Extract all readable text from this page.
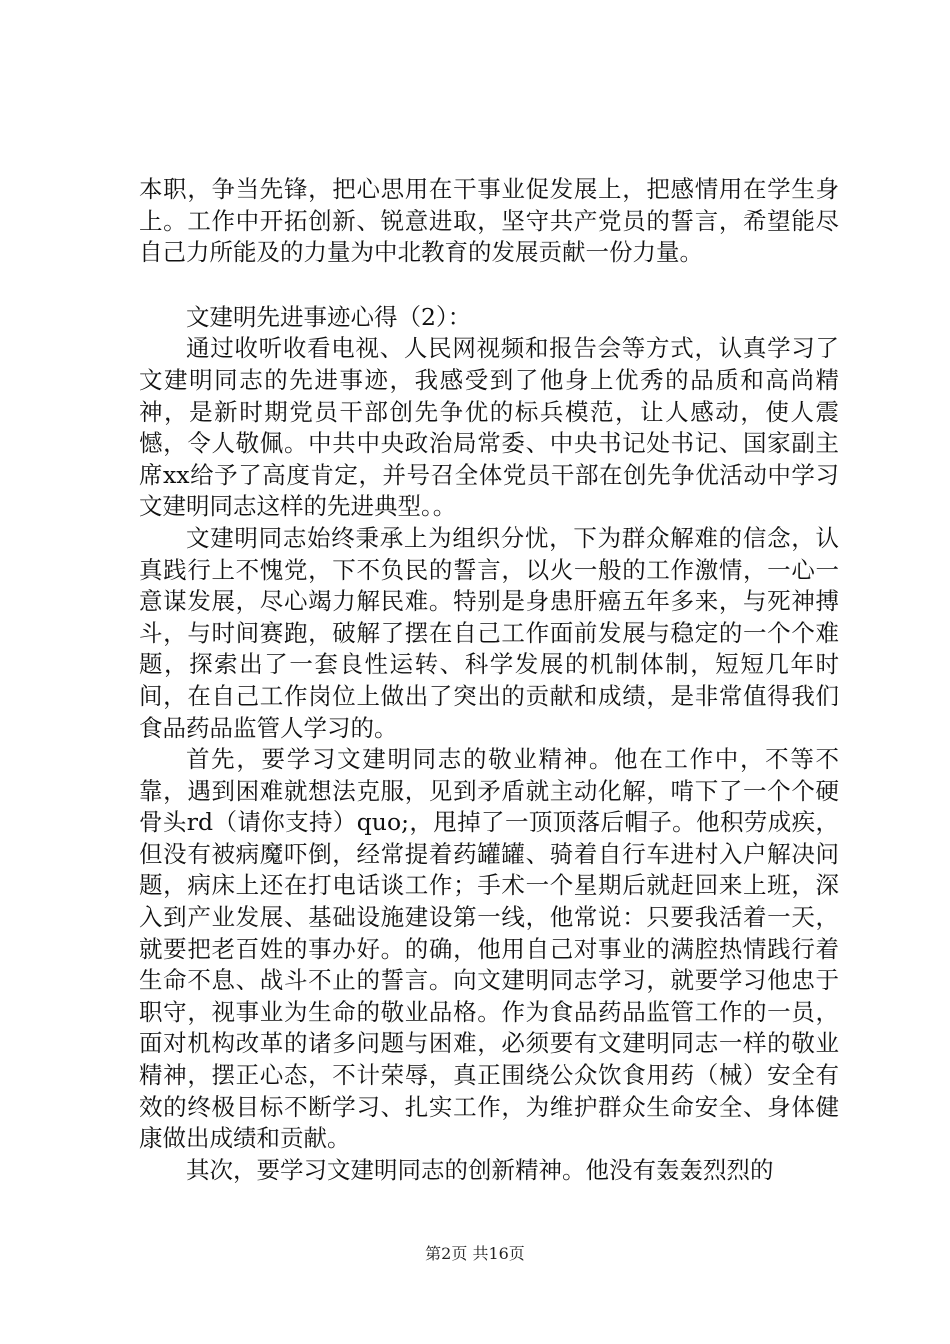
本职，争当先锋，把心思用在干事业促发展上，把感情用在学生身上。工作中开拓创新、锐意进取，坚守共产党员的誓言，希望能尽自己力所能及的力量为中北教育的发展贡献一份力量。

文建明先进事迹心得（2）：

通过收听收看电视、人民网视频和报告会等方式，认真学习了文建明同志的先进事迹，我感受到了他身上优秀的品质和高尚精神，是新时期党员干部创先争优的标兵模范，让人感动，使人震憾，令人敬佩。中共中央政治局常委、中央书记处书记、国家副主席xx给予了高度肯定，并号召全体党员干部在创先争优活动中学习文建明同志这样的先进典型。。

文建明同志始终秉承上为组织分忧，下为群众解难的信念，认真践行上不愧党，下不负民的誓言，以火一般的工作激情，一心一意谋发展，尽心竭力解民难。特别是身患肝癌五年多来，与死神搏斗，与时间赛跑，破解了摆在自己工作面前发展与稳定的一个个难题，探索出了一套良性运转、科学发展的机制体制，短短几年时间，在自己工作岗位上做出了突出的贡献和成绩，是非常值得我们食品药品监管人学习的。

首先，要学习文建明同志的敬业精神。他在工作中，不等不靠，遇到困难就想法克服，见到矛盾就主动化解，啃下了一个个硬骨头rd（请你支持）quo;，甩掉了一顶顶落后帽子。他积劳成疾，但没有被病魔吓倒，经常提着药罐罐、骑着自行车进村入户解决问题，病床上还在打电话谈工作；手术一个星期后就赶回来上班，深入到产业发展、基础设施建设第一线，他常说：只要我活着一天，就要把老百姓的事办好。的确，他用自己对事业的满腔热情践行着生命不息、战斗不止的誓言。向文建明同志学习，就要学习他忠于职守，视事业为生命的敬业品格。作为食品药品监管工作的一员，面对机构改革的诸多问题与困难，必须要有文建明同志一样的敬业精神，摆正心态，不计荣辱，真正围绕公众饮食用药（械）安全有效的终极目标不断学习、扎实工作，为维护群众生命安全、身体健康做出成绩和贡献。

其次，要学习文建明同志的创新精神。他没有轰轰烈烈的

第2页 共16页
